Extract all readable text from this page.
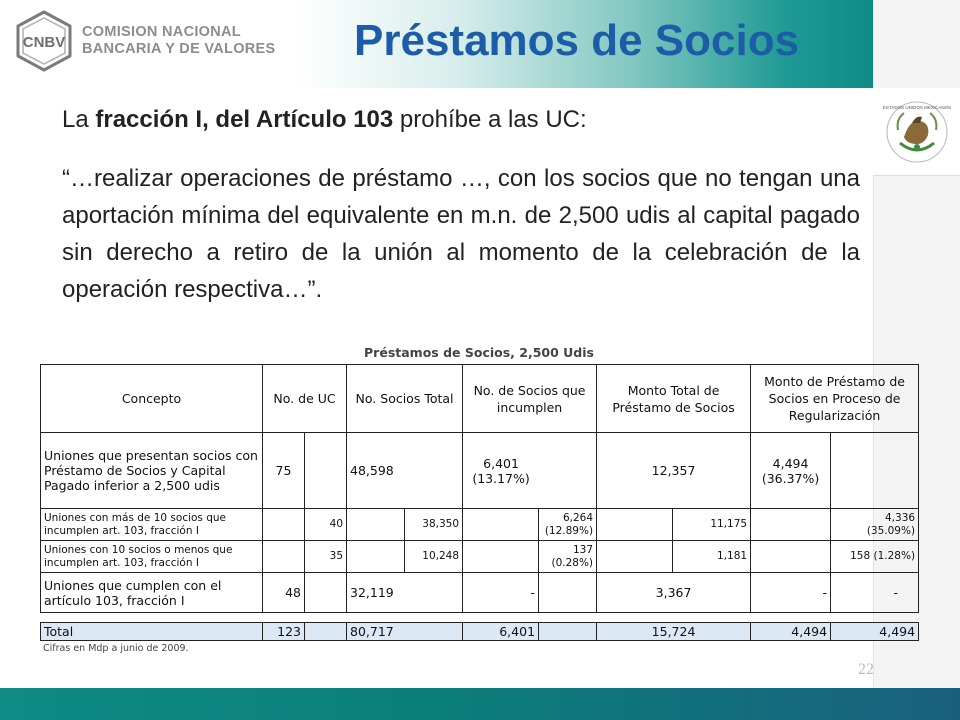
CNBV
COMISION NACIONAL
BANCARIA Y DE VALORES Préstamos de Socios
ESTADOS UNIDOS MEXICANOS
La fracción I, del Artículo 103 prohíbe a las UC:
“…realizar operaciones de préstamo …, con los socios que no tengan una aportación mínima del equivalente en m.n. de 2,500 udis al capital pagado sin derecho a retiro de la unión al momento de la celebración de la operación respectiva…”.
Préstamos de Socios, 2,500 Udis
Concepto	No. de UC		No. Socios Total		No. de Socios que incumplen		Monto Total de Préstamo de Socios		Monto de Préstamo de Socios en Proceso de Regularización	
Uniones que presentan socios con Préstamo de Socios y Capital Pagado inferior a 2,500 udis	75		48,598		6,401 (13.17%)		12,357		4,494 (36.37%)	
Uniones con más de 10 socios que incumplen art. 103, fracción I		40		38,350		6,264 (12.89%)		11,175		4,336 (35.09%)
Uniones con 10 socios o menos que incumplen art. 103, fracción I		35		10,248		137 (0.28%)		1,181		158 (1.28%)
Uniones que cumplen con el artículo 103, fracción I	48		32,119		-		3,367		-	-

Total	123		80,717		6,401		15,724		4,494	4,494
Cifras en Mdp a junio de 2009.
22
